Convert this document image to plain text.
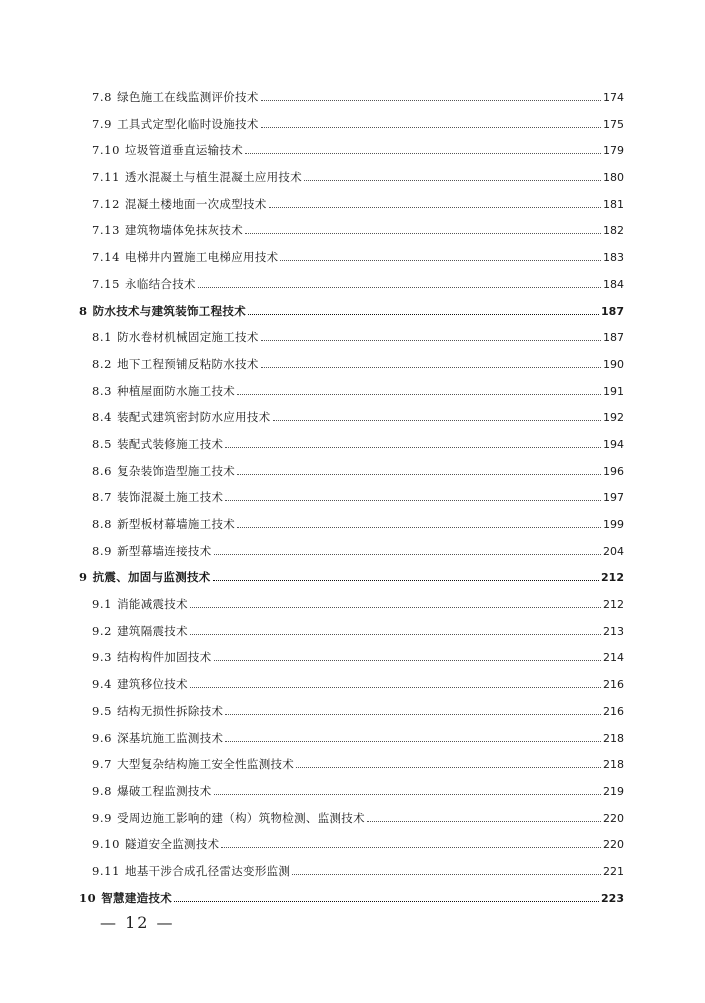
7.8 绿色施工在线监测评价技术	174
7.9 工具式定型化临时设施技术	175
7.10 垃圾管道垂直运输技术	179
7.11 透水混凝土与植生混凝土应用技术	180
7.12 混凝土楼地面一次成型技术	181
7.13 建筑物墙体免抹灰技术	182
7.14 电梯井内置施工电梯应用技术	183
7.15 永临结合技术	184
8 防水技术与建筑装饰工程技术	187
8.1 防水卷材机械固定施工技术	187
8.2 地下工程预铺反粘防水技术	190
8.3 种植屋面防水施工技术	191
8.4 装配式建筑密封防水应用技术	192
8.5 装配式装修施工技术	194
8.6 复杂装饰造型施工技术	196
8.7 装饰混凝土施工技术	197
8.8 新型板材幕墙施工技术	199
8.9 新型幕墙连接技术	204
9 抗震、加固与监测技术	212
9.1 消能减震技术	212
9.2 建筑隔震技术	213
9.3 结构构件加固技术	214
9.4 建筑移位技术	216
9.5 结构无损性拆除技术	216
9.6 深基坑施工监测技术	218
9.7 大型复杂结构施工安全性监测技术	218
9.8 爆破工程监测技术	219
9.9 受周边施工影响的建（构）筑物检测、监测技术	220
9.10 隧道安全监测技术	220
9.11 地基干涉合成孔径雷达变形监测	221
10 智慧建造技术	223
— 12 —
